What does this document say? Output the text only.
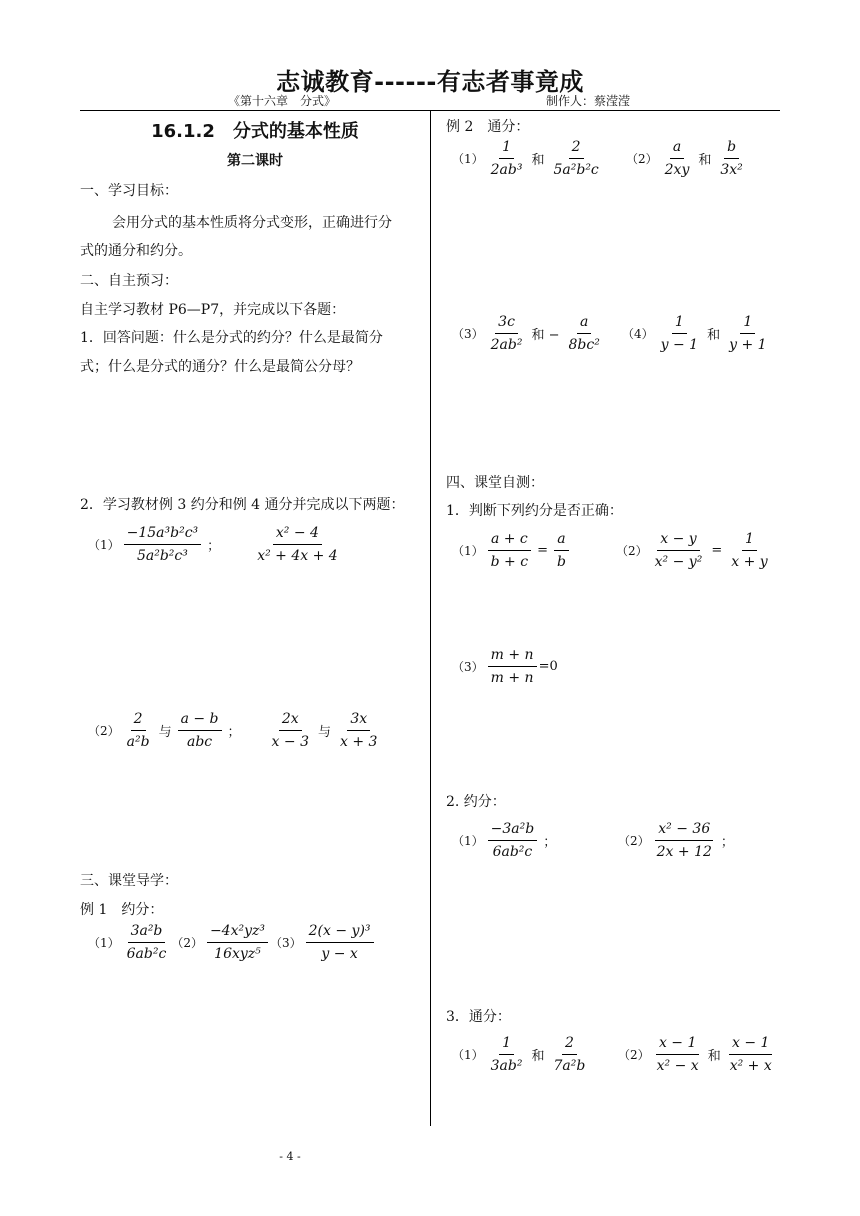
志诚教育------有志者事竟成
《第十六章　分式》	制作人：蔡滢滢
16.1.2　分式的基本性质
第二课时
一、学习目标：
会用分式的基本性质将分式变形，正确进行分
式的通分和约分。
二、自主预习：
自主学习教材 P6—P7，并完成以下各题：
1．回答问题：什么是分式的约分？什么是最简分
式；什么是分式的通分？什么是最简公分母？
2．学习教材例 3 约分和例 4 通分并完成以下两题：
$(1) \frac{\text{−15a³b²c³}}{\text{5a²b²c³}}$ ； $\frac{\text{x² − 4}}{\text{x² + 4x + 4}}$
$(2) \frac{2}{\text{a²b}}$ 与 $\frac{a - b}{\text{abc}}$ ； $\frac{2x}{x - 3}$ 与 $\frac{3x}{x + 3}$
三、课堂导学：
例 1　约分：
$(1) \frac{\text{3a²b}}{\text{6ab²c}} (2) \frac{\text{−4x²yz³}}{\text{16xyz⁵}} (3) \frac{\text{2(x − y)³}}{y - x}$
例 2　通分：
$(1) \frac{1}{\text{2ab³}}$ 和 $\frac{2}{\text{5a²b²c}} (2) \frac{a}{2xy}$ 和 $\frac{b}{\text{3x²}}$
$(3) \frac{3c}{\text{2ab²}}$ 和 − $\frac{a}{\text{8bc²}} (4) \frac{1}{y - 1}$ 和 $\frac{1}{y + 1}$
四、课堂自测：
1．判断下列约分是否正确：
$(1) \frac{a + c}{b + c} = \frac{a}{b}$	$(2) \frac{x - y}{\text{x² − y²}} = \frac{1}{x + y}$
$(3) \frac{m + n}{m + n} =0$
2. 约分：
$(1) \frac{\text{−3a²b}}{\text{6ab²c}}$ ；	$(2) \frac{\text{x² − 36}}{2x + 12}$ ；
3．通分：
$(1) \frac{1}{\text{3ab²}}$ 和 $\frac{2}{\text{7a²b}} (2) \frac{x - 1}{\text{x² − x}}$ 和 $\frac{x - 1}{\text{x² + x}}$
- 4 -
